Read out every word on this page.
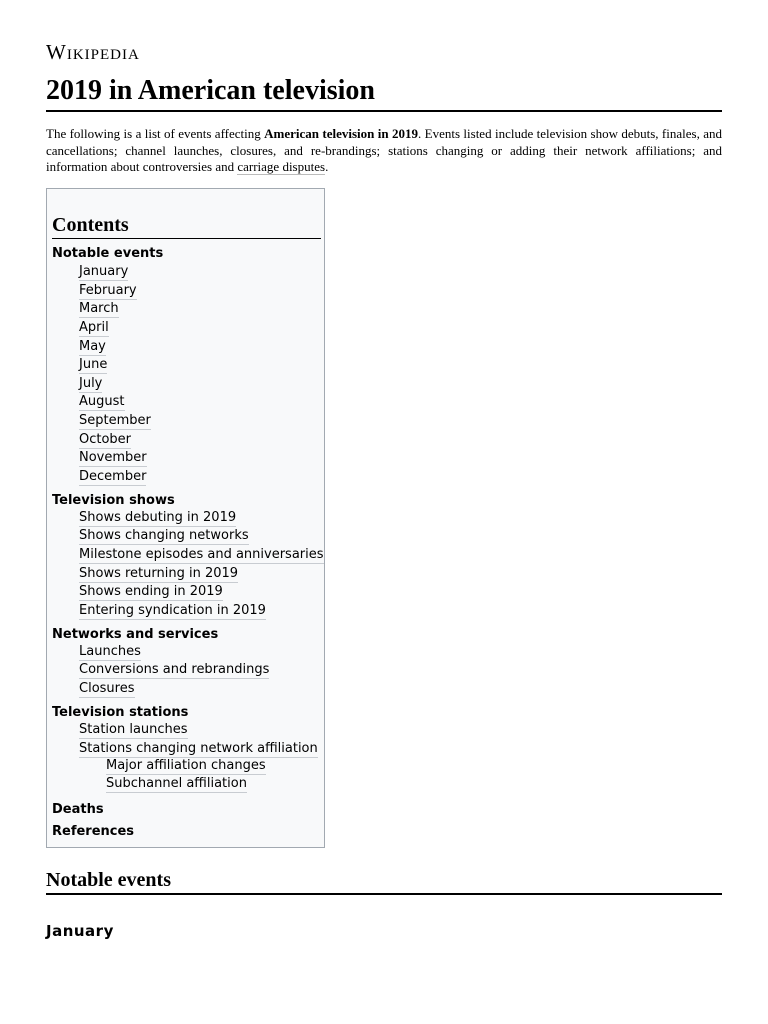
Wikipedia
2019 in American television

The following is a list of events affecting American television in 2019. Events listed include television show debuts, finales, and cancellations; channel launches, closures, and re-brandings; stations changing or adding their network affiliations; and information about controversies and carriage disputes.

Contents
Notable events
January
February
March
April
May
June
July
August
September
October
November
December
Television shows
Shows debuting in 2019
Shows changing networks
Milestone episodes and anniversaries
Shows returning in 2019
Shows ending in 2019
Entering syndication in 2019
Networks and services
Launches
Conversions and rebrandings
Closures
Television stations
Station launches
Stations changing network affiliation
Major affiliation changes
Subchannel affiliation
Deaths
References
Notable events
January
